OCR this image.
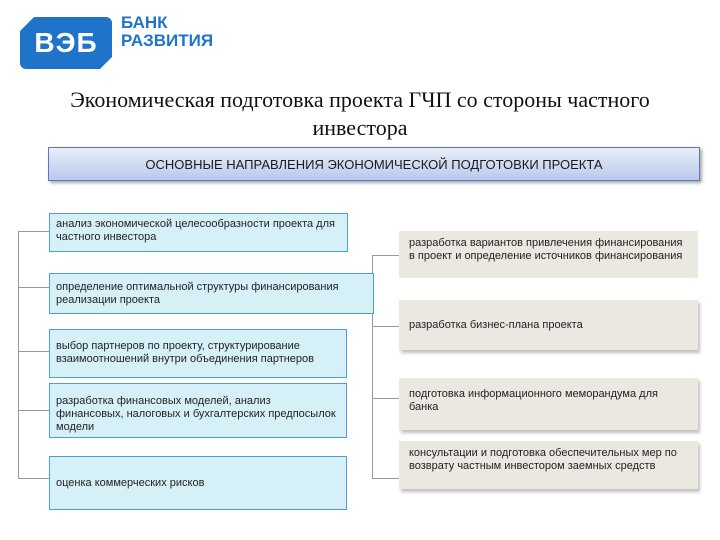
ВЭБ
БАНК
РАЗВИТИЯ
Экономическая подготовка проекта ГЧП со стороны частного
инвестора
ОСНОВНЫЕ НАПРАВЛЕНИЯ ЭКОНОМИЧЕСКОЙ ПОДГОТОВКИ ПРОЕКТА
анализ экономической целесообразности проекта для частного инвестора
определение оптимальной структуры финансирования реализации проекта
выбор партнеров по проекту, структурирование взаимоотношений внутри объединения партнеров
разработка финансовых моделей, анализ финансовых, налоговых и бухгалтерских предпосылок модели
оценка коммерческих рисков
разработка вариантов привлечения финансирования в проект и определение источников финансирования
разработка бизнес-плана проекта
подготовка информационного меморандума для банка
консультации и подготовка обеспечительных мер по возврату частным инвестором заемных средств
